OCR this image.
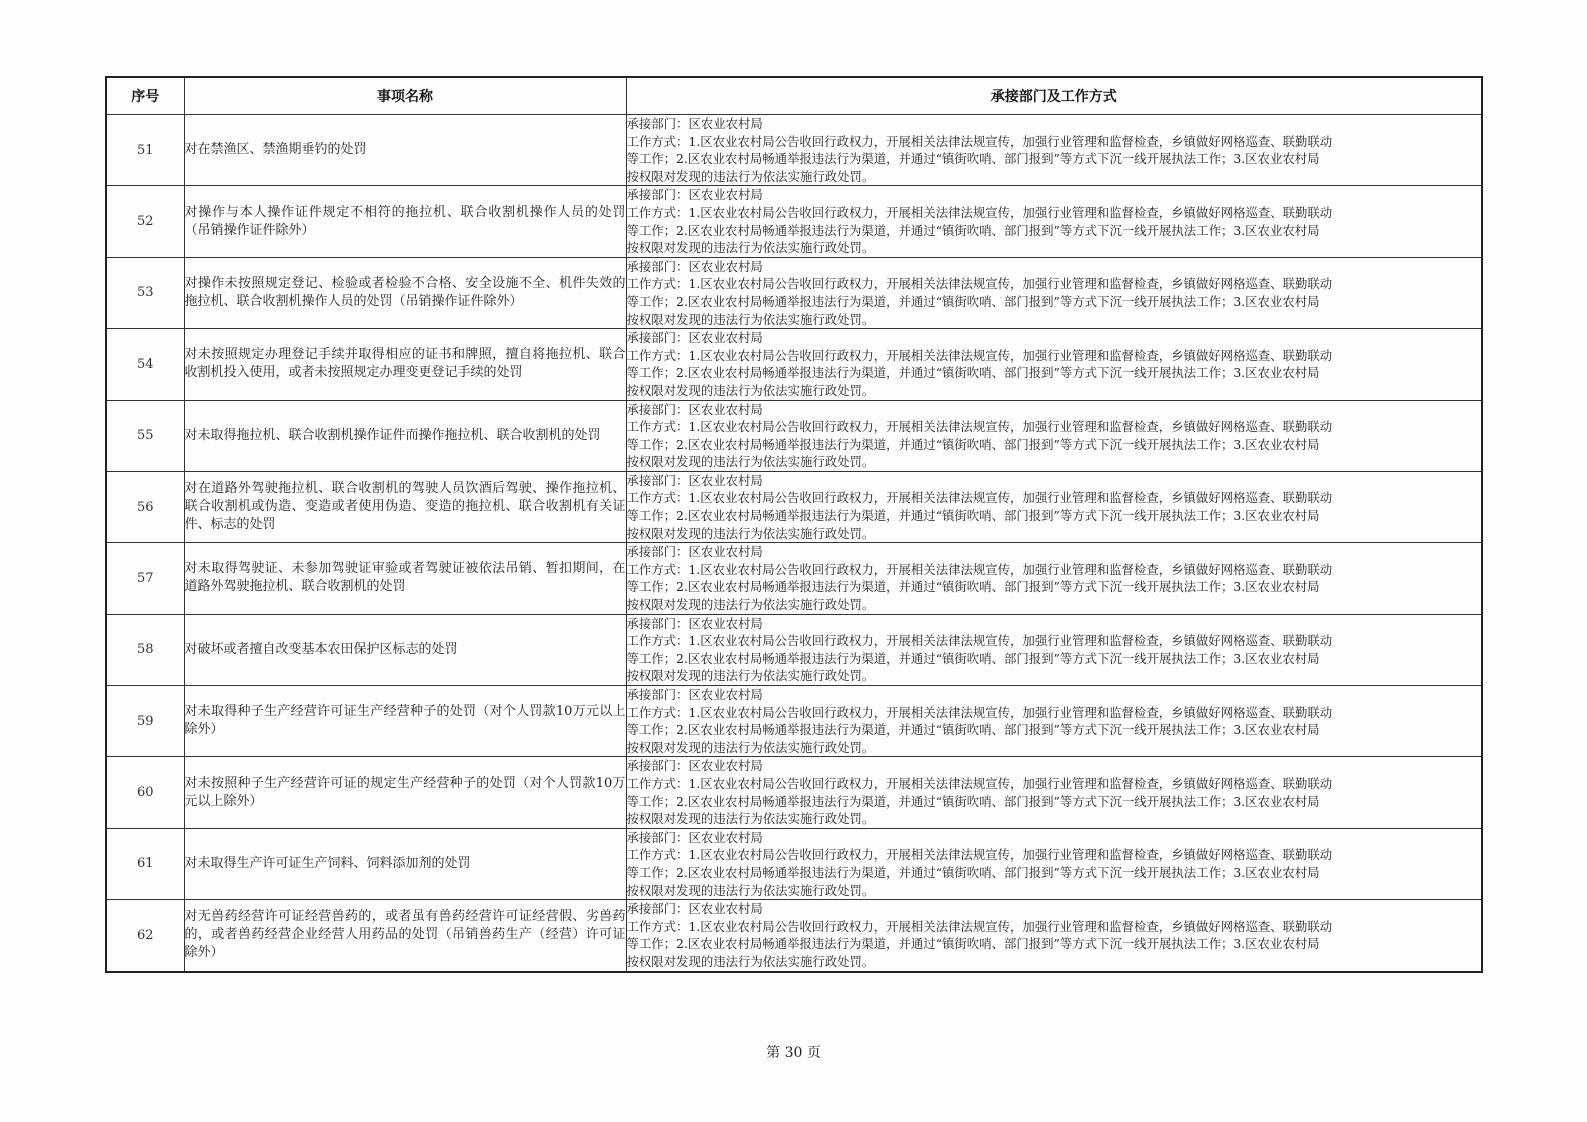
序号	事项名称	承接部门及工作方式
51	对在禁渔区、禁渔期垂钓的处罚	承接部门：区农业农村局
工作方式：1.区农业农村局公告收回行政权力，开展相关法律法规宣传，加强行业管理和监督检查，乡镇做好网格巡查、联勤联动
等工作；2.区农业农村局畅通举报违法行为渠道，并通过“镇街吹哨、部门报到”等方式下沉一线开展执法工作；3.区农业农村局
按权限对发现的违法行为依法实施行政处罚。

52	对操作与本人操作证件规定不相符的拖拉机、联合收割机操作人员的处罚（吊销操作证件除外）	承接部门：区农业农村局
工作方式：1.区农业农村局公告收回行政权力，开展相关法律法规宣传，加强行业管理和监督检查，乡镇做好网格巡查、联勤联动
等工作；2.区农业农村局畅通举报违法行为渠道，并通过“镇街吹哨、部门报到”等方式下沉一线开展执法工作；3.区农业农村局
按权限对发现的违法行为依法实施行政处罚。

53	对操作未按照规定登记、检验或者检验不合格、安全设施不全、机件失效的拖拉机、联合收割机操作人员的处罚（吊销操作证件除外）	承接部门：区农业农村局
工作方式：1.区农业农村局公告收回行政权力，开展相关法律法规宣传，加强行业管理和监督检查，乡镇做好网格巡查、联勤联动
等工作；2.区农业农村局畅通举报违法行为渠道，并通过“镇街吹哨、部门报到”等方式下沉一线开展执法工作；3.区农业农村局
按权限对发现的违法行为依法实施行政处罚。

54	对未按照规定办理登记手续并取得相应的证书和牌照，擅自将拖拉机、联合收割机投入使用，或者未按照规定办理变更登记手续的处罚	承接部门：区农业农村局
工作方式：1.区农业农村局公告收回行政权力，开展相关法律法规宣传，加强行业管理和监督检查，乡镇做好网格巡查、联勤联动
等工作；2.区农业农村局畅通举报违法行为渠道，并通过“镇街吹哨、部门报到”等方式下沉一线开展执法工作；3.区农业农村局
按权限对发现的违法行为依法实施行政处罚。

55	对未取得拖拉机、联合收割机操作证件而操作拖拉机、联合收割机的处罚	承接部门：区农业农村局
工作方式：1.区农业农村局公告收回行政权力，开展相关法律法规宣传，加强行业管理和监督检查，乡镇做好网格巡查、联勤联动
等工作；2.区农业农村局畅通举报违法行为渠道，并通过“镇街吹哨、部门报到”等方式下沉一线开展执法工作；3.区农业农村局
按权限对发现的违法行为依法实施行政处罚。

56	对在道路外驾驶拖拉机、联合收割机的驾驶人员饮酒后驾驶、操作拖拉机、联合收割机或伪造、变造或者使用伪造、变造的拖拉机、联合收割机有关证件、标志的处罚	承接部门：区农业农村局
工作方式：1.区农业农村局公告收回行政权力，开展相关法律法规宣传，加强行业管理和监督检查，乡镇做好网格巡查、联勤联动
等工作；2.区农业农村局畅通举报违法行为渠道，并通过“镇街吹哨、部门报到”等方式下沉一线开展执法工作；3.区农业农村局
按权限对发现的违法行为依法实施行政处罚。

57	对未取得驾驶证、未参加驾驶证审验或者驾驶证被依法吊销、暂扣期间，在道路外驾驶拖拉机、联合收割机的处罚	承接部门：区农业农村局
工作方式：1.区农业农村局公告收回行政权力，开展相关法律法规宣传，加强行业管理和监督检查，乡镇做好网格巡查、联勤联动
等工作；2.区农业农村局畅通举报违法行为渠道，并通过“镇街吹哨、部门报到”等方式下沉一线开展执法工作；3.区农业农村局
按权限对发现的违法行为依法实施行政处罚。

58	对破坏或者擅自改变基本农田保护区标志的处罚	承接部门：区农业农村局
工作方式：1.区农业农村局公告收回行政权力，开展相关法律法规宣传，加强行业管理和监督检查，乡镇做好网格巡查、联勤联动
等工作；2.区农业农村局畅通举报违法行为渠道，并通过“镇街吹哨、部门报到”等方式下沉一线开展执法工作；3.区农业农村局
按权限对发现的违法行为依法实施行政处罚。

59	对未取得种子生产经营许可证生产经营种子的处罚（对个人罚款10万元以上除外）	承接部门：区农业农村局
工作方式：1.区农业农村局公告收回行政权力，开展相关法律法规宣传，加强行业管理和监督检查，乡镇做好网格巡查、联勤联动
等工作；2.区农业农村局畅通举报违法行为渠道，并通过“镇街吹哨、部门报到”等方式下沉一线开展执法工作；3.区农业农村局
按权限对发现的违法行为依法实施行政处罚。

60	对未按照种子生产经营许可证的规定生产经营种子的处罚（对个人罚款10万元以上除外）	承接部门：区农业农村局
工作方式：1.区农业农村局公告收回行政权力，开展相关法律法规宣传，加强行业管理和监督检查，乡镇做好网格巡查、联勤联动
等工作；2.区农业农村局畅通举报违法行为渠道，并通过“镇街吹哨、部门报到”等方式下沉一线开展执法工作；3.区农业农村局
按权限对发现的违法行为依法实施行政处罚。

61	对未取得生产许可证生产饲料、饲料添加剂的处罚	承接部门：区农业农村局
工作方式：1.区农业农村局公告收回行政权力，开展相关法律法规宣传，加强行业管理和监督检查，乡镇做好网格巡查、联勤联动
等工作；2.区农业农村局畅通举报违法行为渠道，并通过“镇街吹哨、部门报到”等方式下沉一线开展执法工作；3.区农业农村局
按权限对发现的违法行为依法实施行政处罚。

62	对无兽药经营许可证经营兽药的，或者虽有兽药经营许可证经营假、劣兽药的，或者兽药经营企业经营人用药品的处罚（吊销兽药生产（经营）许可证除外）	承接部门：区农业农村局
工作方式：1.区农业农村局公告收回行政权力，开展相关法律法规宣传，加强行业管理和监督检查，乡镇做好网格巡查、联勤联动
等工作；2.区农业农村局畅通举报违法行为渠道，并通过“镇街吹哨、部门报到”等方式下沉一线开展执法工作；3.区农业农村局
按权限对发现的违法行为依法实施行政处罚。
第 30 页
